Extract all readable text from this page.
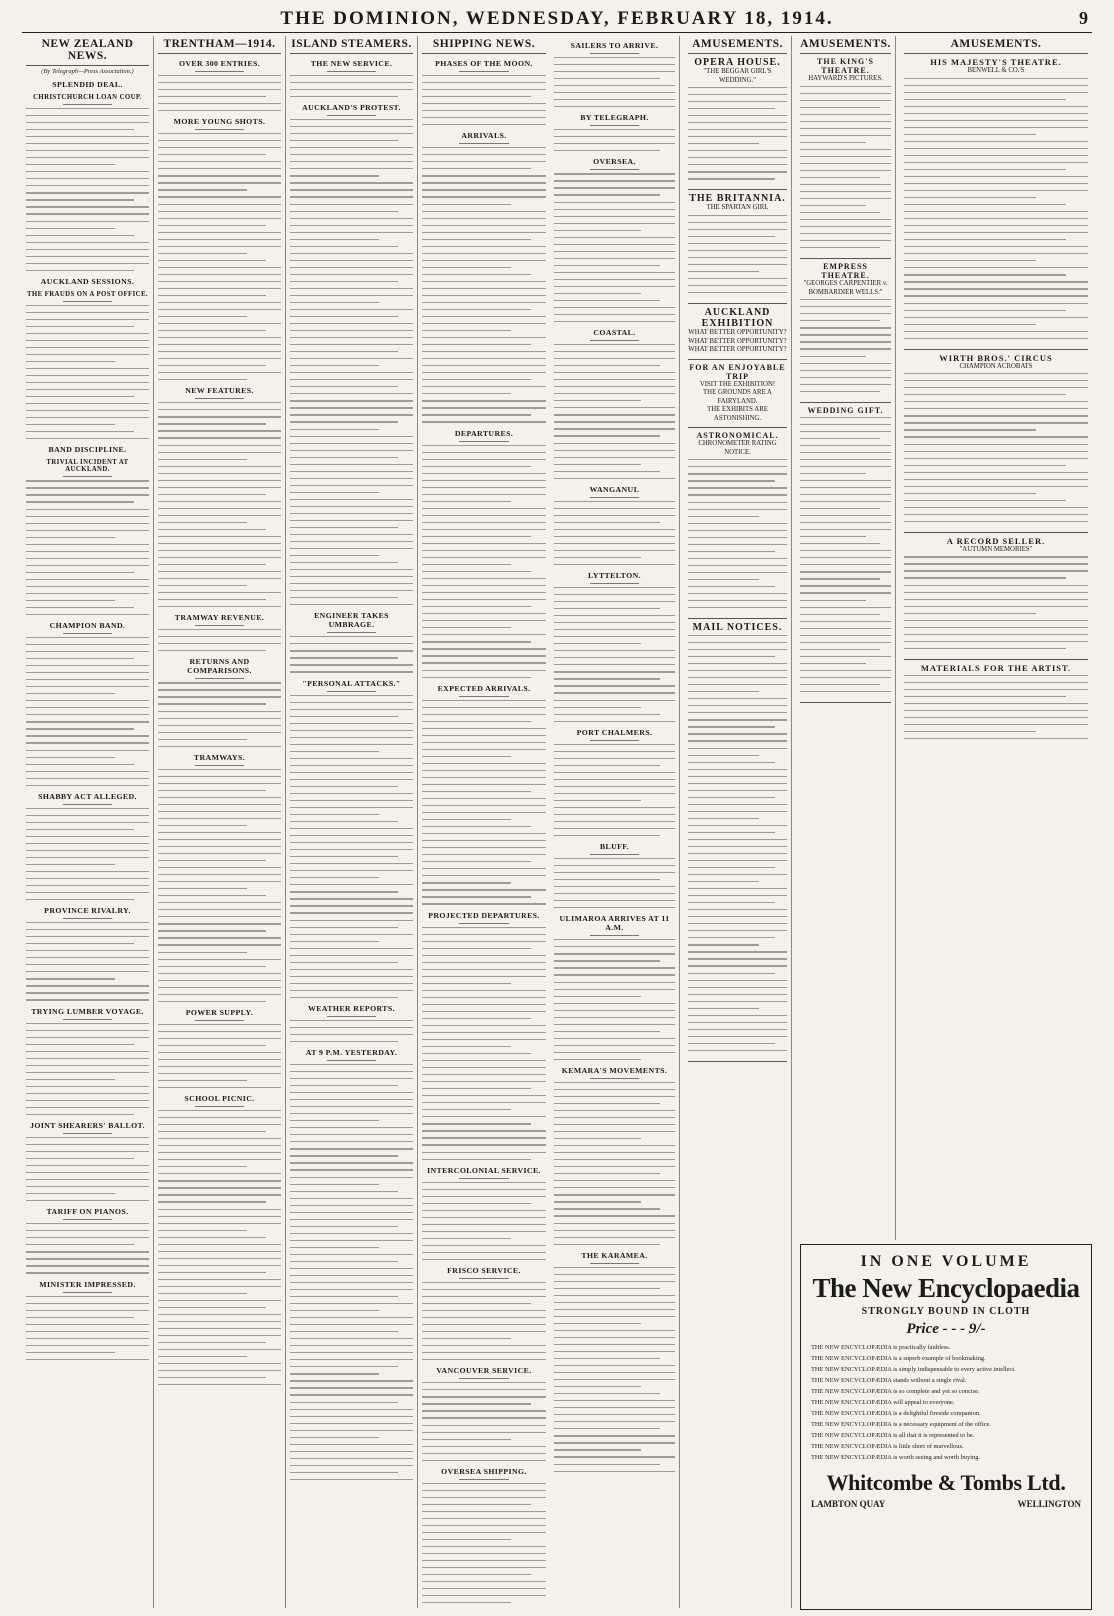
THE DOMINION, WEDNESDAY, FEBRUARY 18, 1914.	9
NEW ZEALAND NEWS.
(By Telegraph—Press Association.)
SPLENDID DEAL.
CHRISTCHURCH LOAN COUP.
AUCKLAND SESSIONS.
THE FRAUDS ON A POST OFFICE.
BAND DISCIPLINE.
TRIVIAL INCIDENT AT AUCKLAND.
CHAMPION BAND.
SHABBY ACT ALLEGED.
PROVINCE RIVALRY.
TRYING LUMBER VOYAGE.
JOINT SHEARERS' BALLOT.
TARIFF ON PIANOS.
MINISTER IMPRESSED.
TRENTHAM—1914.
OVER 300 ENTRIES.
MORE YOUNG SHOTS.
NEW FEATURES.
TRAMWAY REVENUE.
RETURNS AND COMPARISONS.
TRAMWAYS.
POWER SUPPLY.
SCHOOL PICNIC.
ISLAND STEAMERS.
THE NEW SERVICE.
AUCKLAND'S PROTEST.
ENGINEER TAKES UMBRAGE.
"PERSONAL ATTACKS."
WEATHER REPORTS.
AT 9 P.M. YESTERDAY.
SHIPPING NEWS.
PHASES OF THE MOON.
ARRIVALS.
DEPARTURES.
EXPECTED ARRIVALS.
PROJECTED DEPARTURES.
INTERCOLONIAL SERVICE.
FRISCO SERVICE.
VANCOUVER SERVICE.
OVERSEA SHIPPING.
SAILERS TO ARRIVE.
BY TELEGRAPH.
OVERSEA.
COASTAL.
WANGANUI.
LYTTELTON.
PORT CHALMERS.
BLUFF.
ULIMAROA ARRIVES AT 11 A.M.
KEMARA'S MOVEMENTS.
THE KARAMEA.
AMUSEMENTS.
OPERA HOUSE.
"THE BEGGAR GIRL'S WEDDING."
THE BRITANNIA.
THE SPARTAN GIRL
AUCKLAND EXHIBITION
WHAT BETTER OPPORTUNITY?
WHAT BETTER OPPORTUNITY?
WHAT BETTER OPPORTUNITY?
FOR AN ENJOYABLE TRIP
VISIT THE EXHIBITION!
THE GROUNDS ARE A FAIRYLAND.
THE EXHIBITS ARE ASTONISHING.
ASTRONOMICAL.
CHRONOMETER RATING NOTICE.
MAIL NOTICES.
AMUSEMENTS.
THE KING'S THEATRE.
HAYWARD'S PICTURES.
EMPRESS THEATRE.
"GEORGES CARPENTIER v. BOMBARDIER WELLS."
WEDDING GIFT.
AMUSEMENTS.
HIS MAJESTY'S THEATRE.
BENWELL & CO.'S
WIRTH BROS.' CIRCUS
CHAMPION ACROBATS
A RECORD SELLER.
"AUTUMN MEMORIES"
MATERIALS FOR THE ARTIST.
IN ONE VOLUME
The New Encyclopaedia
STRONGLY BOUND IN CLOTH
Price - - - 9/-
THE NEW ENCYCLOPÆDIA is practically faultless.
THE NEW ENCYCLOPÆDIA is a superb example of bookmaking.
THE NEW ENCYCLOPÆDIA is simply indispensable to every active intellect.
THE NEW ENCYCLOPÆDIA stands without a single rival.
THE NEW ENCYCLOPÆDIA is so complete and yet so concise.
THE NEW ENCYCLOPÆDIA will appeal to everyone.
THE NEW ENCYCLOPÆDIA is a delightful fireside companion.
THE NEW ENCYCLOPÆDIA is a necessary equipment of the office.
THE NEW ENCYCLOPÆDIA is all that it is represented to be.
THE NEW ENCYCLOPÆDIA is little short of marvellous.
THE NEW ENCYCLOPÆDIA is worth seeing and worth buying.
Whitcombe & Tombs Ltd.
LAMBTON QUAY	WELLINGTON
